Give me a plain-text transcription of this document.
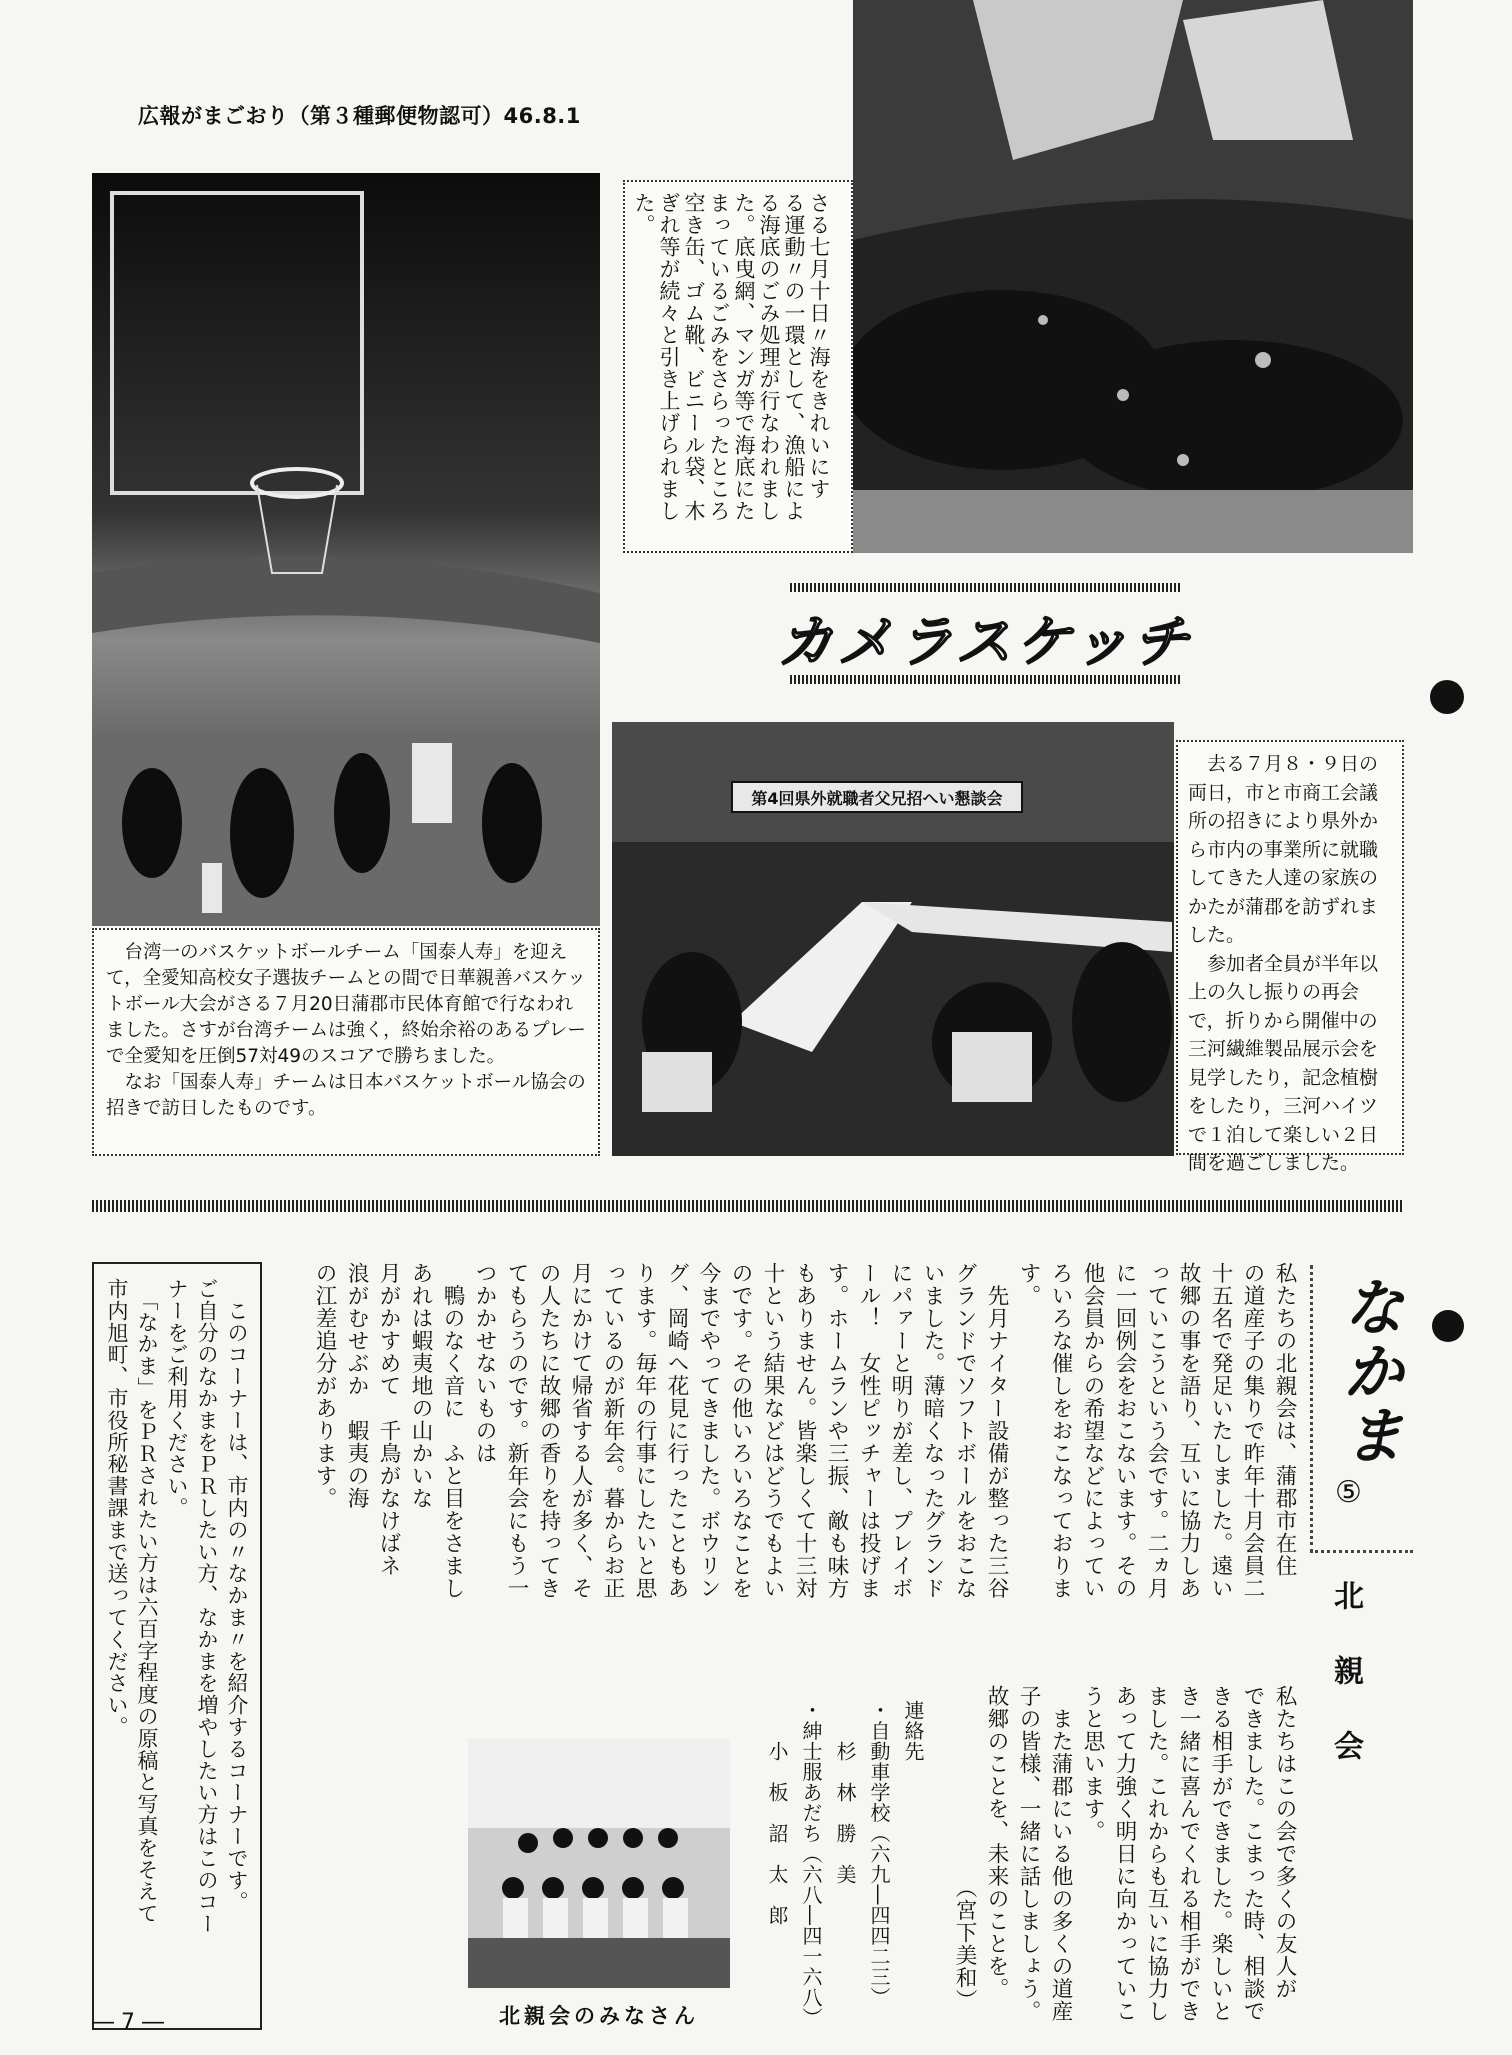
広報がまごおり（第３種郵便物認可）46.8.1
さる七月十日〃海をきれいにす
る運動〃の一環として、漁船によ
る海底のごみ処理が行なわれまし
た。底曳網、マンガ等で海底にた
まっているごみをさらったところ
空き缶、ゴム靴、ビニール袋、木
ぎれ等が続々と引き上げられまし
た。
カメラスケッチ
第4回県外就職者父兄招へい懇談会

台湾一のバスケットボールチーム「国泰人寿」を迎えて，全愛知高校女子選抜チームとの間で日華親善バスケットボール大会がさる７月20日蒲郡市民体育館で行なわれました。さすが台湾チームは強く，終始余裕のあるプレーで全愛知を圧倒57対49のスコアで勝ちました。

なお「国泰人寿」チームは日本バスケットボール協会の招きで訪日したものです。

去る７月８・９日の両日，市と市商工会議所の招きにより県外から市内の事業所に就職してきた人達の家族のかたが蒲郡を訪ずれました。

参加者全員が半年以上の久し振りの再会で，折りから開催中の三河繊維製品展示会を見学したり，記念植樹をしたり，三河ハイツで１泊して楽しい２日間を過ごしました。

なかま
⑤
北親会
私たちの北親会は、蒲郡市在住
の道産子の集りで昨年十月会員二
十五名で発足いたしました。遠い
故郷の事を語り、互いに協力しあ
っていこうという会です。二ヵ月
に一回例会をおこないます。その
他会員からの希望などによってい
ろいろな催しをおこなっておりま
す。
　先月ナイター設備が整った三谷
グランドでソフトボールをおこな
いました。薄暗くなったグランド
にパァーと明りが差し、プレイボ
ール！　女性ピッチャーは投げま
す。ホームランや三振、敵も味方
もありません。皆楽しくて十三対
十という結果などはどうでもよい
のです。その他いろいろなことを
今までやってきました。ボウリン
グ、岡崎へ花見に行ったこともあ
ります。毎年の行事にしたいと思
っているのが新年会。暮からお正
月にかけて帰省する人が多く、そ
の人たちに故郷の香りを持ってき
てもらうのです。新年会にもう一
つかかせないものは
　鴨のなく音に　ふと目をさまし
あれは蝦夷地の山かいな
月がかすめて　千鳥がなけばネ
浪がむせぶか　蝦夷の海
の江差追分があります。
私たちはこの会で多くの友人が
できました。こまった時、相談で
きる相手ができました。楽しいと
き一緒に喜んでくれる相手ができ
ました。これからも互いに協力し
あって力強く明日に向かっていこ
うと思います。
　また蒲郡にいる他の多くの道産
子の皆様、一緒に話しましょう。
故郷のことを、未来のことを。
　　　　　　　　　（宮下美和）
連絡先
・自動車学校（六九―四四二三）
　　杉　林　勝　美
・紳士服あだち（六八―四一六八）
　　小　板　詔　太　郎
北親会のみなさん
　このコーナーは、市内の〃なかま〃を紹介するコーナーです。
ご自分のなかまをＰＲしたい方、なかまを増やしたい方はこのコー
ナーをご利用ください。
　「なかま」をＰＲされたい方は六百字程度の原稿と写真をそえて
市内旭町、市役所秘書課まで送ってください。
― 7 ―
